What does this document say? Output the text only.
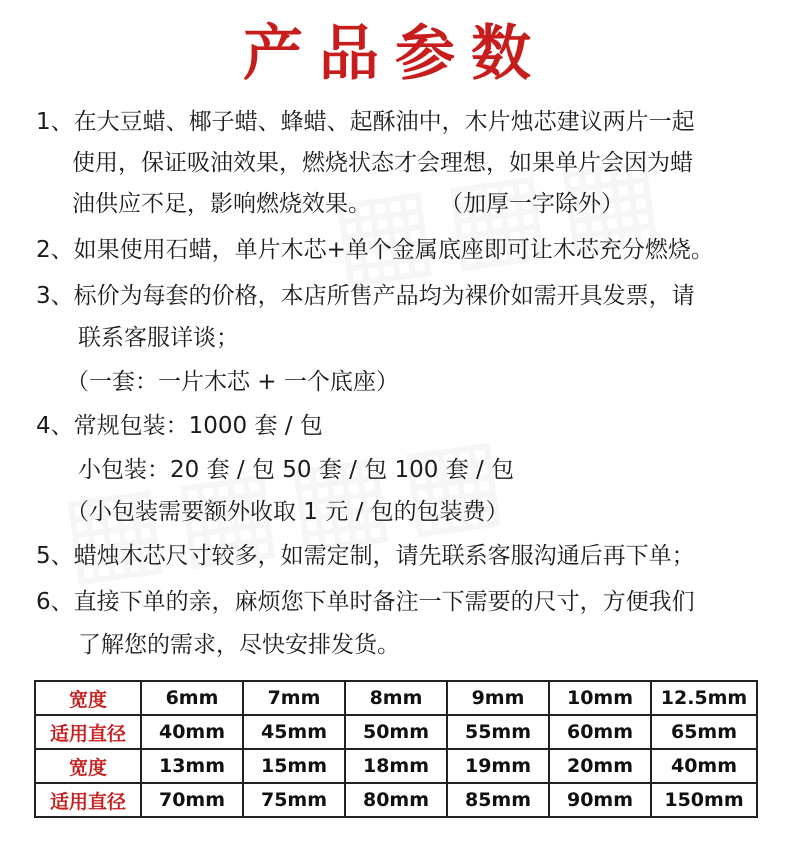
产品参数
1、在大豆蜡、椰子蜡、蜂蜡、起酥油中，木片烛芯建议两片一起
使用，保证吸油效果，燃烧状态才会理想，如果单片会因为蜡
油供应不足，影响燃烧效果。	（加厚一字除外）
2、如果使用石蜡，单片木芯+单个金属底座即可让木芯充分燃烧。
3、标价为每套的价格，本店所售产品均为裸价如需开具发票，请
联系客服详谈；
（一套：一片木芯 + 一个底座）
4、常规包装：1000 套 / 包
小包装：20 套 / 包 50 套 / 包 100 套 / 包
（小包装需要额外收取 1 元 / 包的包装费）
5、蜡烛木芯尺寸较多，如需定制，请先联系客服沟通后再下单；
6、直接下单的亲，麻烦您下单时备注一下需要的尺寸，方便我们
了解您的需求，尽快安排发货。
宽度	6mm	7mm	8mm	9mm	10mm	12.5mm
适用直径	40mm	45mm	50mm	55mm	60mm	65mm
宽度	13mm	15mm	18mm	19mm	20mm	40mm
适用直径	70mm	75mm	80mm	85mm	90mm	150mm
